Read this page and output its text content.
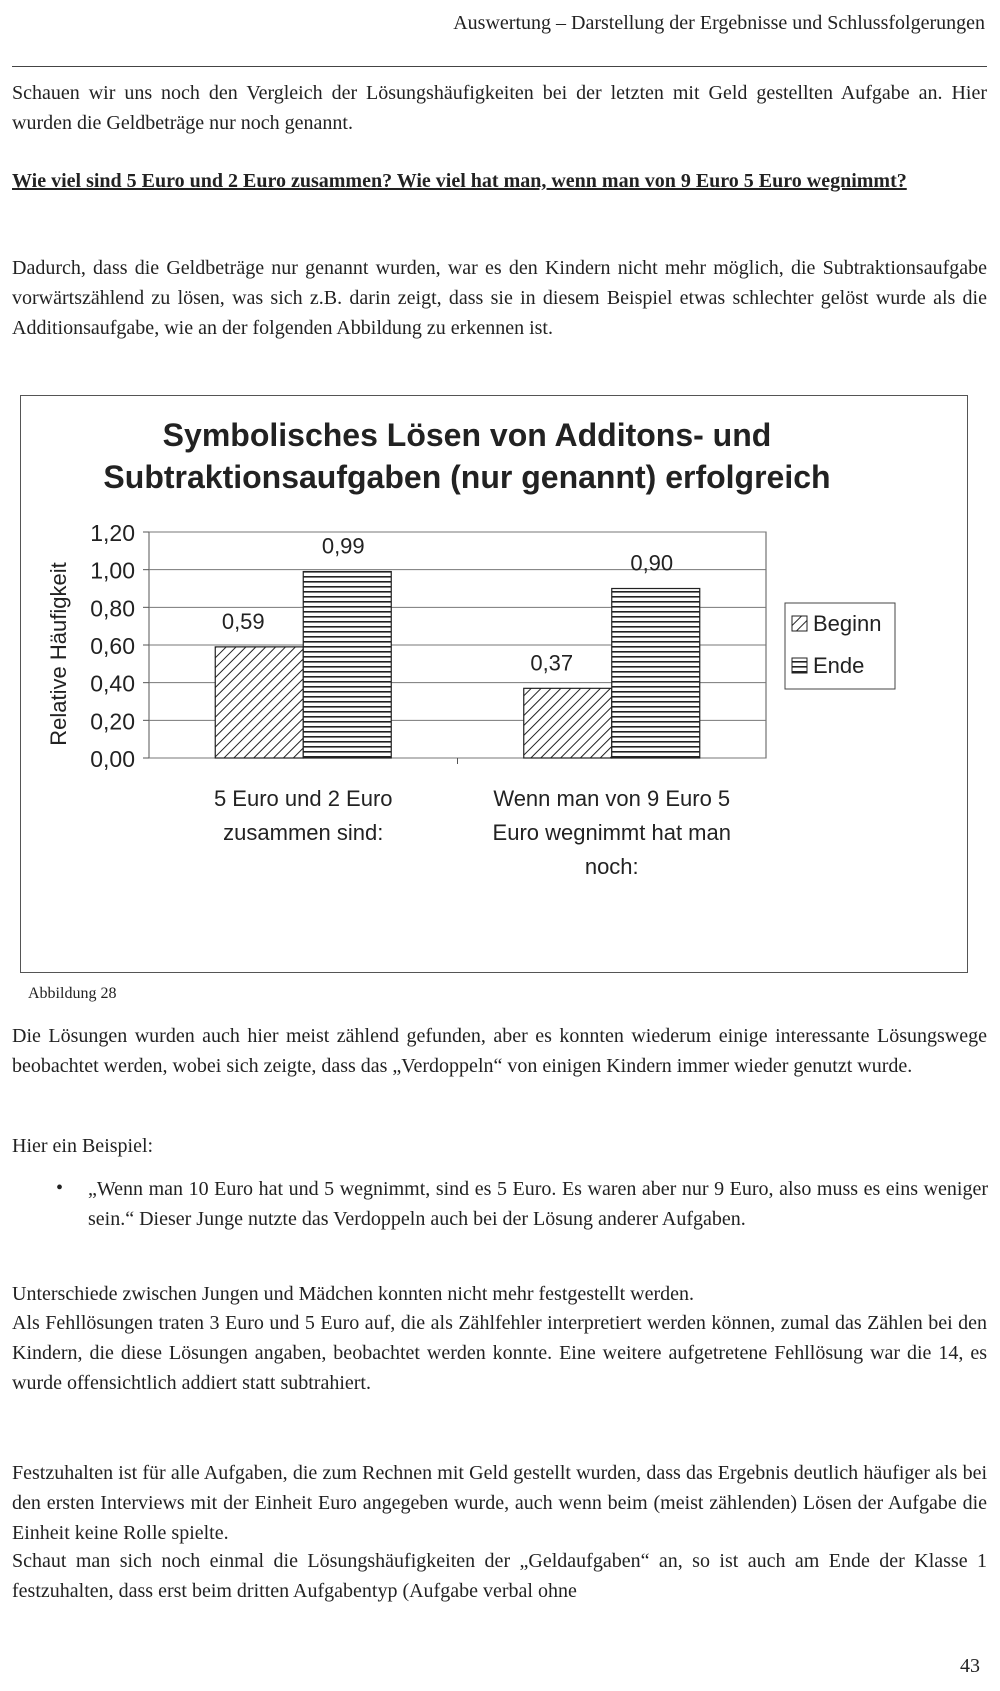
Auswertung – Darstellung der Ergebnisse und Schlussfolgerungen

Schauen wir uns noch den Vergleich der Lösungshäufigkeiten bei der letzten mit Geld gestellten Aufgabe an. Hier wurden die Geldbeträge nur noch genannt.

Wie viel sind 5 Euro und 2 Euro zusammen? Wie viel hat man, wenn man von 9 Euro 5 Euro wegnimmt?

Dadurch, dass die Geldbeträge nur genannt wurden, war es den Kindern nicht mehr möglich, die Subtraktionsaufgabe vorwärtszählend zu lösen, was sich z.B. darin zeigt, dass sie in diesem Beispiel etwas schlechter gelöst wurde als die Additionsaufgabe, wie an der folgenden Abbildung zu erkennen ist.

Symbolisches Lösen von Additons- und
Subtraktionsaufgaben (nur genannt) erfolgreich
Relative Häufigkeit
0,00
0,20
0,40
0,60
0,80
1,00
1,20
0,59
0,99
5 Euro und 2 Euro
zusammen sind:
0,37
0,90
Wenn man von 9 Euro 5
Euro wegnimmt hat man
noch:
Beginn
Ende
Abbildung 28

Die Lösungen wurden auch hier meist zählend gefunden, aber es konnten wiederum einige interessante Lösungswege beobachtet werden, wobei sich zeigte, dass das „Verdoppeln“ von einigen Kindern immer wieder genutzt wurde.

Hier ein Beispiel:

• „Wenn man 10 Euro hat und 5 wegnimmt, sind es 5 Euro. Es waren aber nur 9 Euro, also muss es eins weniger sein.“ Dieser Junge nutzte das Verdoppeln auch bei der Lösung anderer Aufgaben.

Unterschiede zwischen Jungen und Mädchen konnten nicht mehr festgestellt werden.

Als Fehllösungen traten 3 Euro und 5 Euro auf, die als Zählfehler interpretiert werden können, zumal das Zählen bei den Kindern, die diese Lösungen angaben, beobachtet werden konnte. Eine weitere aufgetretene Fehllösung war die 14, es wurde offensichtlich addiert statt subtrahiert.

Festzuhalten ist für alle Aufgaben, die zum Rechnen mit Geld gestellt wurden, dass das Ergebnis deutlich häufiger als bei den ersten Interviews mit der Einheit Euro angegeben wurde, auch wenn beim (meist zählenden) Lösen der Aufgabe die Einheit keine Rolle spielte.

Schaut man sich noch einmal die Lösungshäufigkeiten der „Geldaufgaben“ an, so ist auch am Ende der Klasse 1 festzuhalten, dass erst beim dritten Aufgabentyp (Aufgabe verbal ohne

43
